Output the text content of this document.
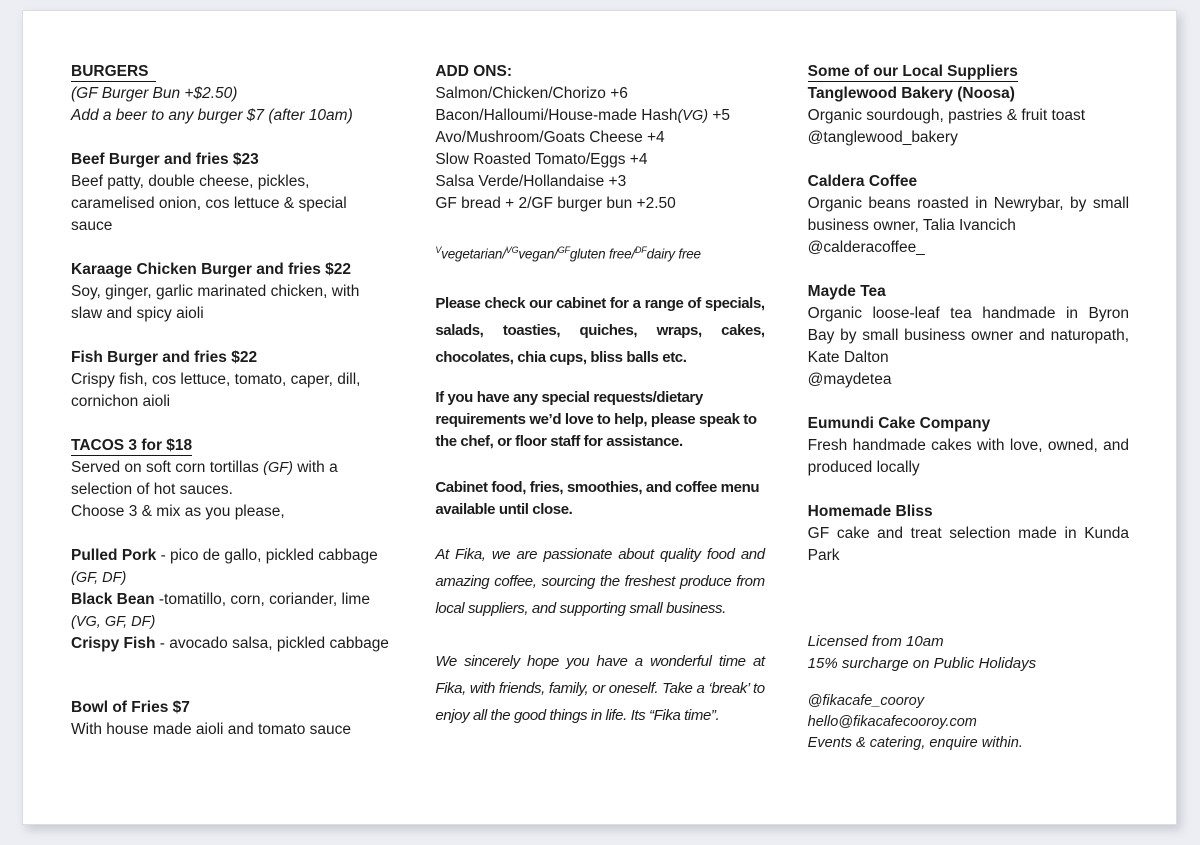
BURGERS
(GF Burger Bun +$2.50)
Add a beer to any burger $7 (after 10am)
Beef Burger and fries $23
Beef patty, double cheese, pickles, caramelised onion, cos lettuce & special sauce
Karaage Chicken Burger and fries $22
Soy, ginger, garlic marinated chicken, with slaw and spicy aioli
Fish Burger and fries $22
Crispy fish, cos lettuce, tomato, caper, dill, cornichon aioli
TACOS 3 for $18
Served on soft corn tortillas (GF) with a selection of hot sauces.
Choose 3 & mix as you please,
Pulled Pork - pico de gallo, pickled cabbage
(GF, DF)
Black Bean -tomatillo, corn, coriander, lime
(VG, GF, DF)
Crispy Fish - avocado salsa, pickled cabbage
Bowl of Fries $7
With house made aioli and tomato sauce
ADD ONS:
Salmon/Chicken/Chorizo +6
Bacon/Halloumi/House-made Hash(VG) +5
Avo/Mushroom/Goats Cheese +4
Slow Roasted Tomato/Eggs +4
Salsa Verde/Hollandaise +3
GF bread + 2/GF burger bun +2.50
$^V$vegetarian/$^{VG}$vegan/$^{GF}$gluten free/$^{DF}$dairy free
Please check our cabinet for a range of specials, salads, toasties, quiches, wraps, cakes, chocolates, chia cups, bliss balls etc.
If you have any special requests/dietary requirements we’d love to help, please speak to the chef, or floor staff for assistance.
Cabinet food, fries, smoothies, and coffee menu available until close.
At Fika, we are passionate about quality food and amazing coffee, sourcing the freshest produce from local suppliers, and supporting small business.
We sincerely hope you have a wonderful time at Fika, with friends, family, or oneself. Take a ‘break’ to enjoy all the good things in life. Its “Fika time”.
Some of our Local Suppliers
Tanglewood Bakery (Noosa)
Organic sourdough, pastries & fruit toast
@tanglewood_bakery
Caldera Coffee
Organic beans roasted in Newrybar, by small business owner, Talia Ivancich
@calderacoffee_
Mayde Tea
Organic loose-leaf tea handmade in Byron Bay by small business owner and naturopath, Kate Dalton
@maydetea
Eumundi Cake Company
Fresh handmade cakes with love, owned, and produced locally
Homemade Bliss
GF cake and treat selection made in Kunda Park
Licensed from 10am
15% surcharge on Public Holidays
@fikacafe_cooroy
hello@fikacafecooroy.com
Events & catering, enquire within.
